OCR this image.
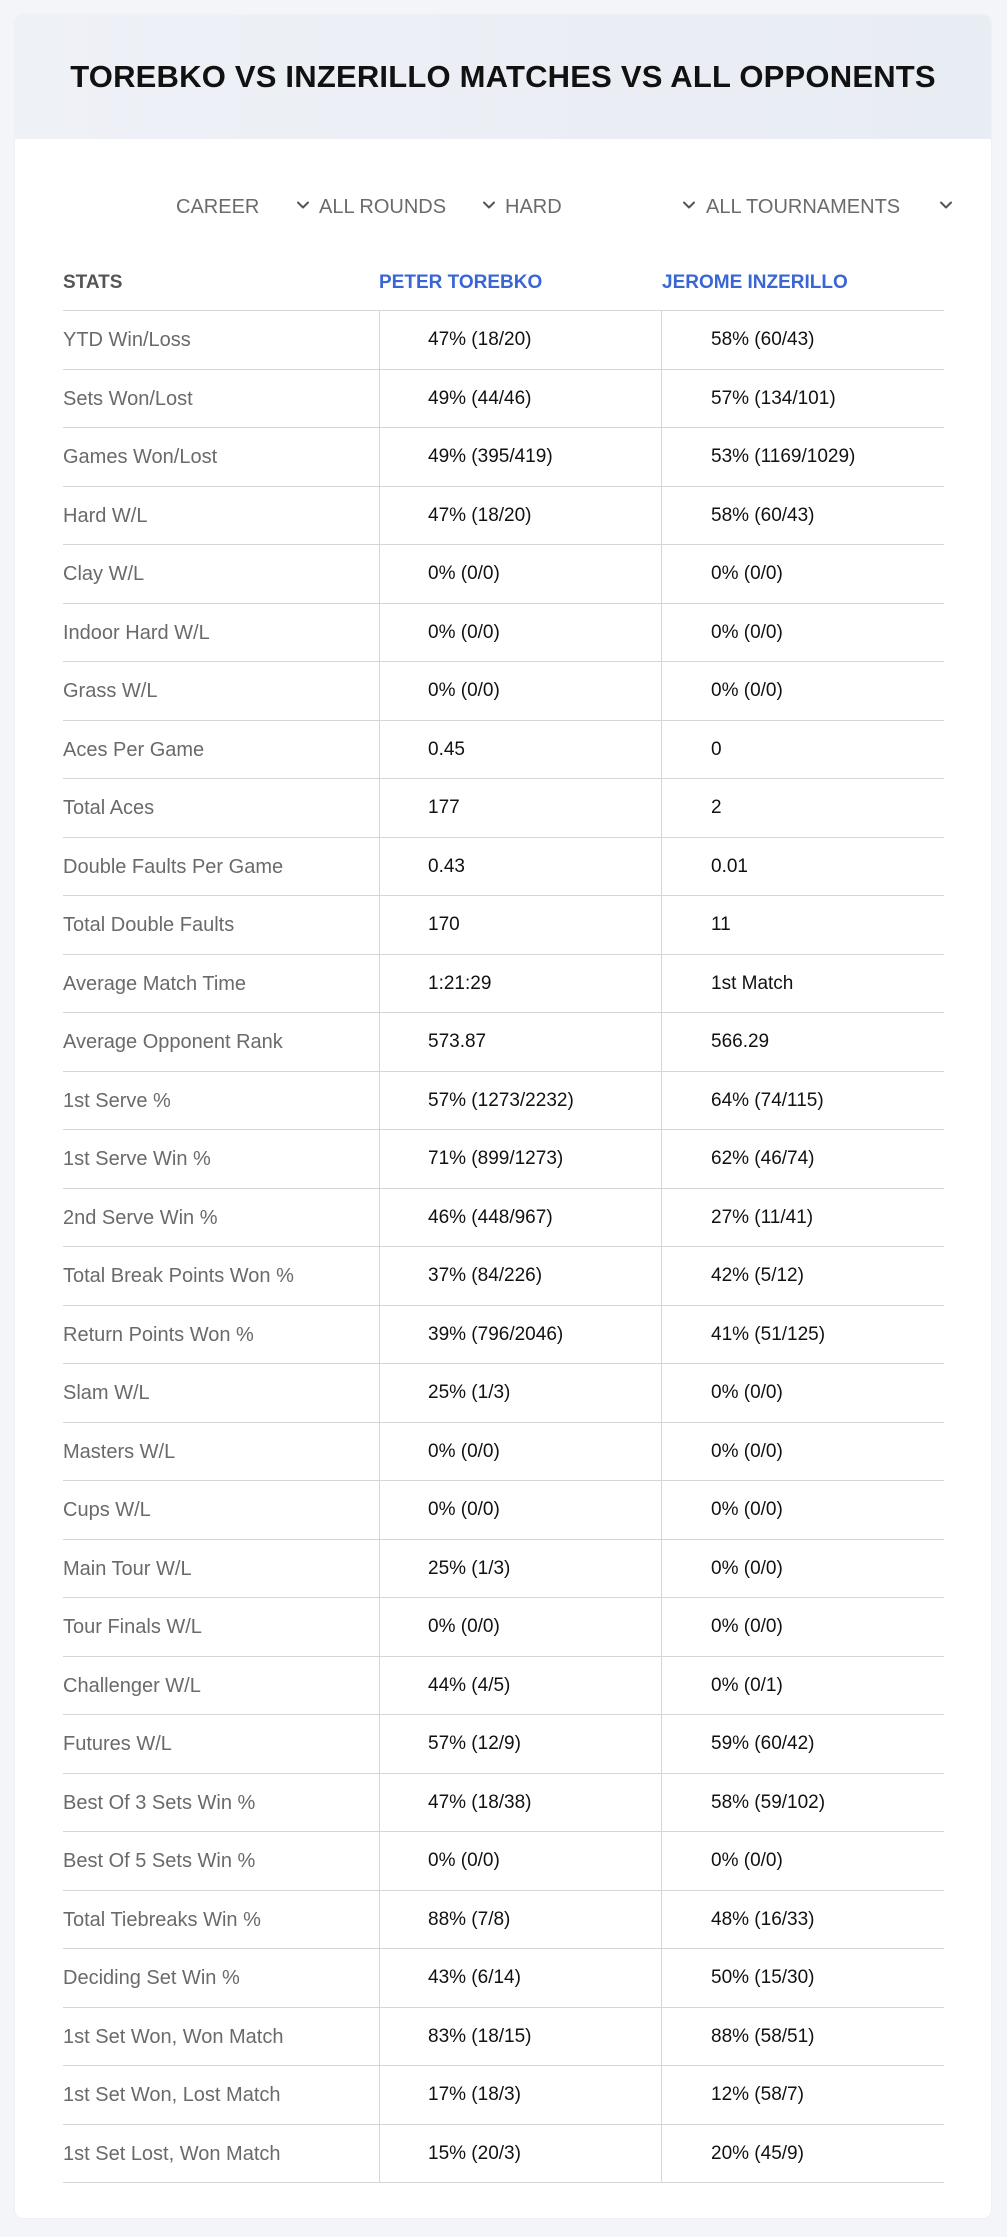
TOREBKO VS INZERILLO MATCHES VS ALL OPPONENTS
CAREER	ALL ROUNDS	HARD	ALL TOURNAMENTS
STATS	PETER TOREBKO	JEROME INZERILLO
YTD Win/Loss	47% (18/20)	58% (60/43)
Sets Won/Lost	49% (44/46)	57% (134/101)
Games Won/Lost	49% (395/419)	53% (1169/1029)
Hard W/L	47% (18/20)	58% (60/43)
Clay W/L	0% (0/0)	0% (0/0)
Indoor Hard W/L	0% (0/0)	0% (0/0)
Grass W/L	0% (0/0)	0% (0/0)
Aces Per Game	0.45	0
Total Aces	177	2
Double Faults Per Game	0.43	0.01
Total Double Faults	170	11
Average Match Time	1:21:29	1st Match
Average Opponent Rank	573.87	566.29
1st Serve %	57% (1273/2232)	64% (74/115)
1st Serve Win %	71% (899/1273)	62% (46/74)
2nd Serve Win %	46% (448/967)	27% (11/41)
Total Break Points Won %	37% (84/226)	42% (5/12)
Return Points Won %	39% (796/2046)	41% (51/125)
Slam W/L	25% (1/3)	0% (0/0)
Masters W/L	0% (0/0)	0% (0/0)
Cups W/L	0% (0/0)	0% (0/0)
Main Tour W/L	25% (1/3)	0% (0/0)
Tour Finals W/L	0% (0/0)	0% (0/0)
Challenger W/L	44% (4/5)	0% (0/1)
Futures W/L	57% (12/9)	59% (60/42)
Best Of 3 Sets Win %	47% (18/38)	58% (59/102)
Best Of 5 Sets Win %	0% (0/0)	0% (0/0)
Total Tiebreaks Win %	88% (7/8)	48% (16/33)
Deciding Set Win %	43% (6/14)	50% (15/30)
1st Set Won, Won Match	83% (18/15)	88% (58/51)
1st Set Won, Lost Match	17% (18/3)	12% (58/7)
1st Set Lost, Won Match	15% (20/3)	20% (45/9)
